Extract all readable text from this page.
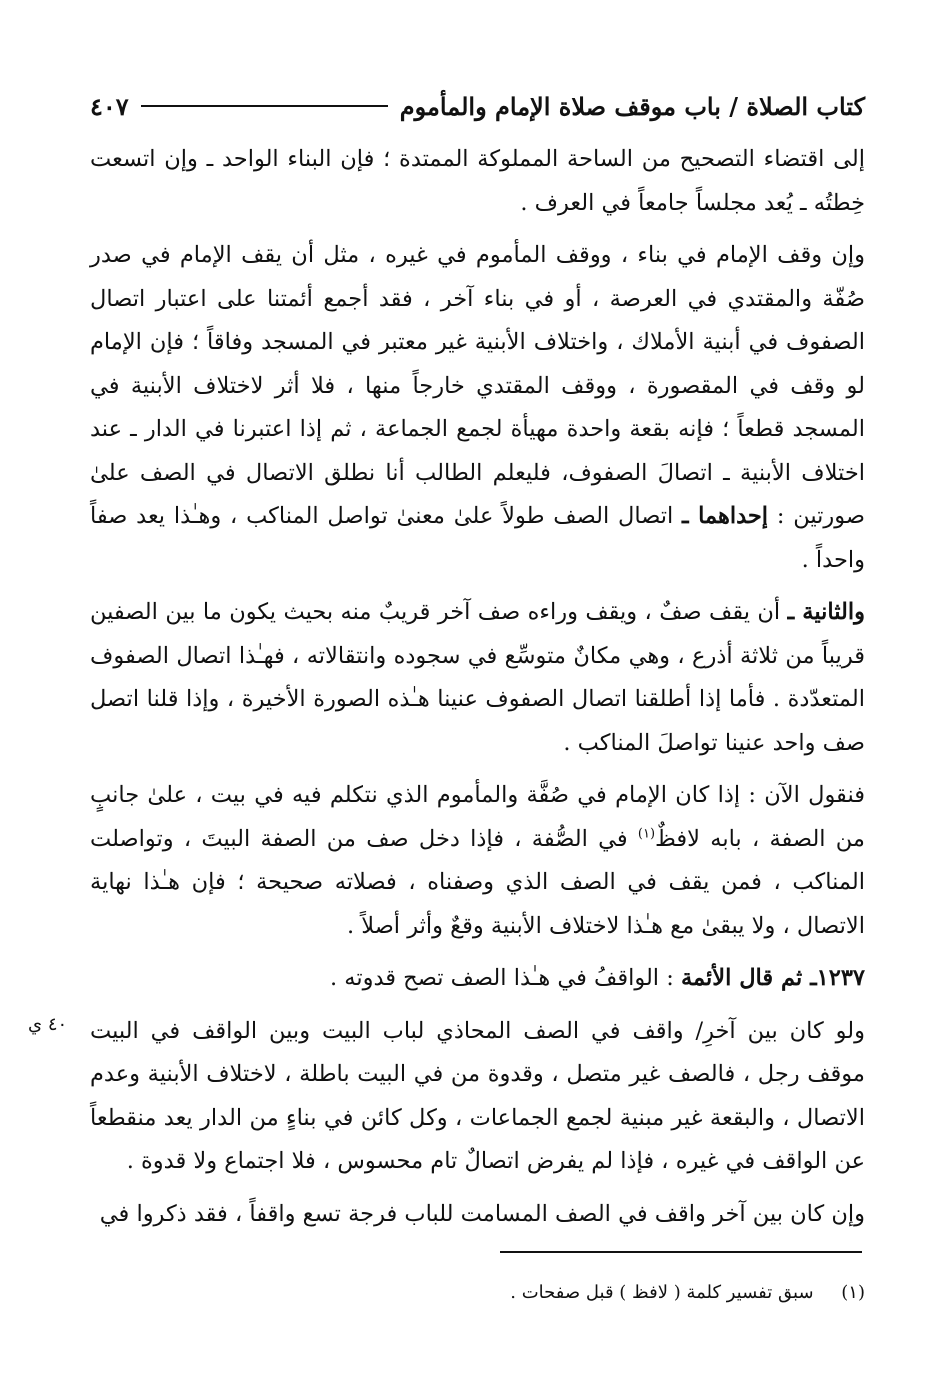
كتاب الصلاة / باب موقف صلاة الإمام والمأموم
٤٠٧

إلى اقتضاء التصحيح من الساحة المملوكة الممتدة ؛ فإن البناء الواحد ـ وإن اتسعت خِطتُه ـ يُعد مجلساً جامعاً في العرف .

وإن وقف الإمام في بناء ، ووقف المأموم في غيره ، مثل أن يقف الإمام في صدر صُفّة والمقتدي في العرصة ، أو في بناء آخر ، فقد أجمع أئمتنا على اعتبار اتصال الصفوف في أبنية الأملاك ، واختلاف الأبنية غير معتبر في المسجد وفاقاً ؛ فإن الإمام لو وقف في المقصورة ، ووقف المقتدي خارجاً منها ، فلا أثر لاختلاف الأبنية في المسجد قطعاً ؛ فإنه بقعة واحدة مهيأة لجمع الجماعة ، ثم إذا اعتبرنا في الدار ـ عند اختلاف الأبنية ـ اتصالَ الصفوف، فليعلم الطالب أنا نطلق الاتصال في الصف علىٰ صورتين : إحداهما ـ اتصال الصف طولاً علىٰ معنىٰ تواصل المناكب ، وهـٰذا يعد صفاً واحداً .

والثانية ـ أن يقف صفٌ ، ويقف وراءه صف آخر قريبٌ منه بحيث يكون ما بين الصفين قريباً من ثلاثة أذرع ، وهي مكانٌ متوسِّع في سجوده وانتقالاته ، فهـٰذا اتصال الصفوف المتعدّدة . فأما إذا أطلقنا اتصال الصفوف عنينا هـٰذه الصورة الأخيرة ، وإذا قلنا اتصل صف واحد عنينا تواصلَ المناكب .

فنقول الآن : إذا كان الإمام في صُفَّة والمأموم الذي نتكلم فيه في بيت ، علىٰ جانبٍ من الصفة ، بابه لافظٌ$^{(١)}$ في الصُّفة ، فإذا دخل صف من الصفة البيتَ ، وتواصلت المناكب ، فمن يقف في الصف الذي وصفناه ، فصلاته صحيحة ؛ فإن هـٰذا نهاية الاتصال ، ولا يبقىٰ مع هـٰذا لاختلاف الأبنية وقعٌ وأثر أصلاً .

١٢٣٧ـ ثم قال الأئمة : الواقفُ في هـٰذا الصف تصح قدوته .

ولو كان بين آخرِ/ واقف في الصف المحاذي لباب البيت وبين الواقف في البيت موقف رجل ، فالصف غير متصل ، وقدوة من في البيت باطلة ، لاختلاف الأبنية وعدم الاتصال ، والبقعة غير مبنية لجمع الجماعات ، وكل كائن في بناءٍ من الدار يعد منقطعاً عن الواقف في غيره ، فإذا لم يفرض اتصالٌ تام محسوس ، فلا اجتماع ولا قدوة .

وإن كان بين آخر واقف في الصف المسامت للباب فرجة تسع واقفاً ، فقد ذكروا في

٤٠ ي
(١) سبق تفسير كلمة ( لافظ ) قبل صفحات .
